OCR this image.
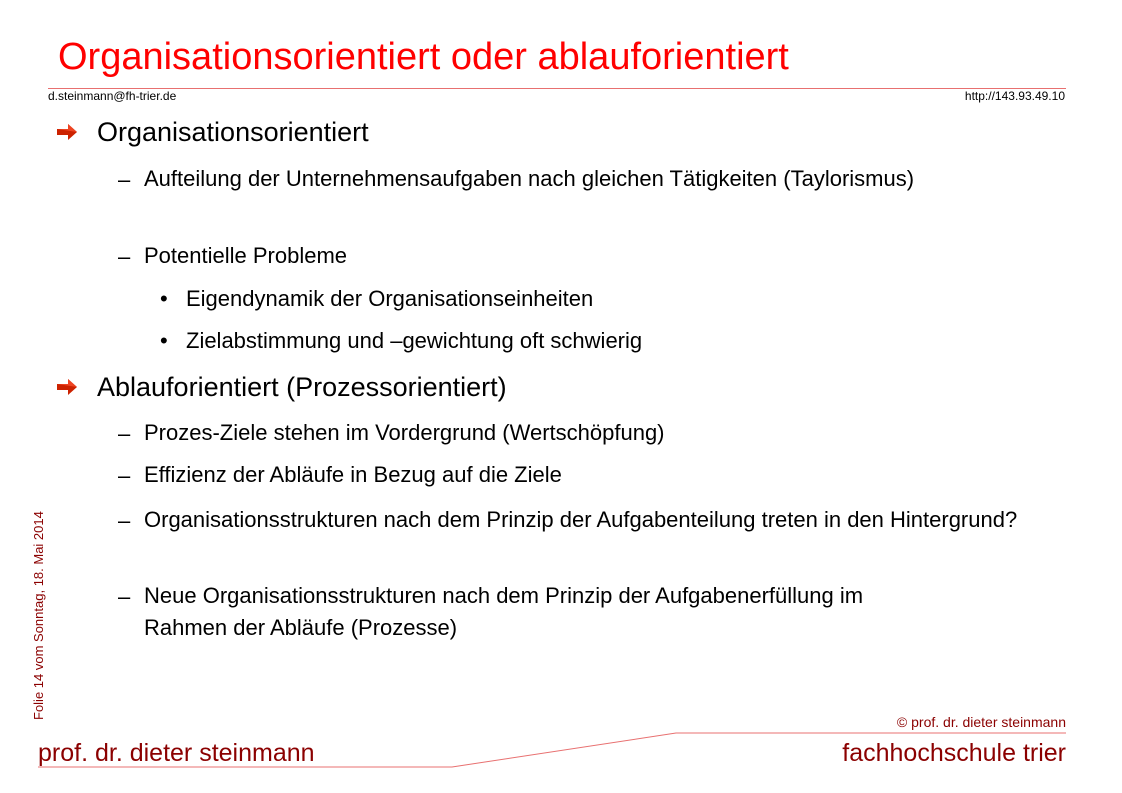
Organisationsorientiert oder ablauforientiert
d.steinmann@fh-trier.de	http://143.93.49.10
Folie 14 vom Sonntag, 18. Mai 2014
Organisationsorientiert
– Aufteilung der Unternehmensaufgaben nach gleichen Tätigkeiten (Taylorismus)
– Potentielle Probleme
• Eigendynamik der Organisationseinheiten
• Zielabstimmung und –gewichtung oft schwierig
Ablauforientiert (Prozessorientiert)
– Prozes-Ziele stehen im Vordergrund (Wertschöpfung)
– Effizienz der Abläufe in Bezug auf die Ziele
– Organisationsstrukturen nach dem Prinzip der Aufgabenteilung treten in den Hintergrund?
– Neue Organisationsstrukturen nach dem Prinzip der Aufgabenerfüllung im Rahmen der Abläufe (Prozesse)
© prof. dr. dieter steinmann
prof. dr. dieter steinmann	fachhochschule trier
